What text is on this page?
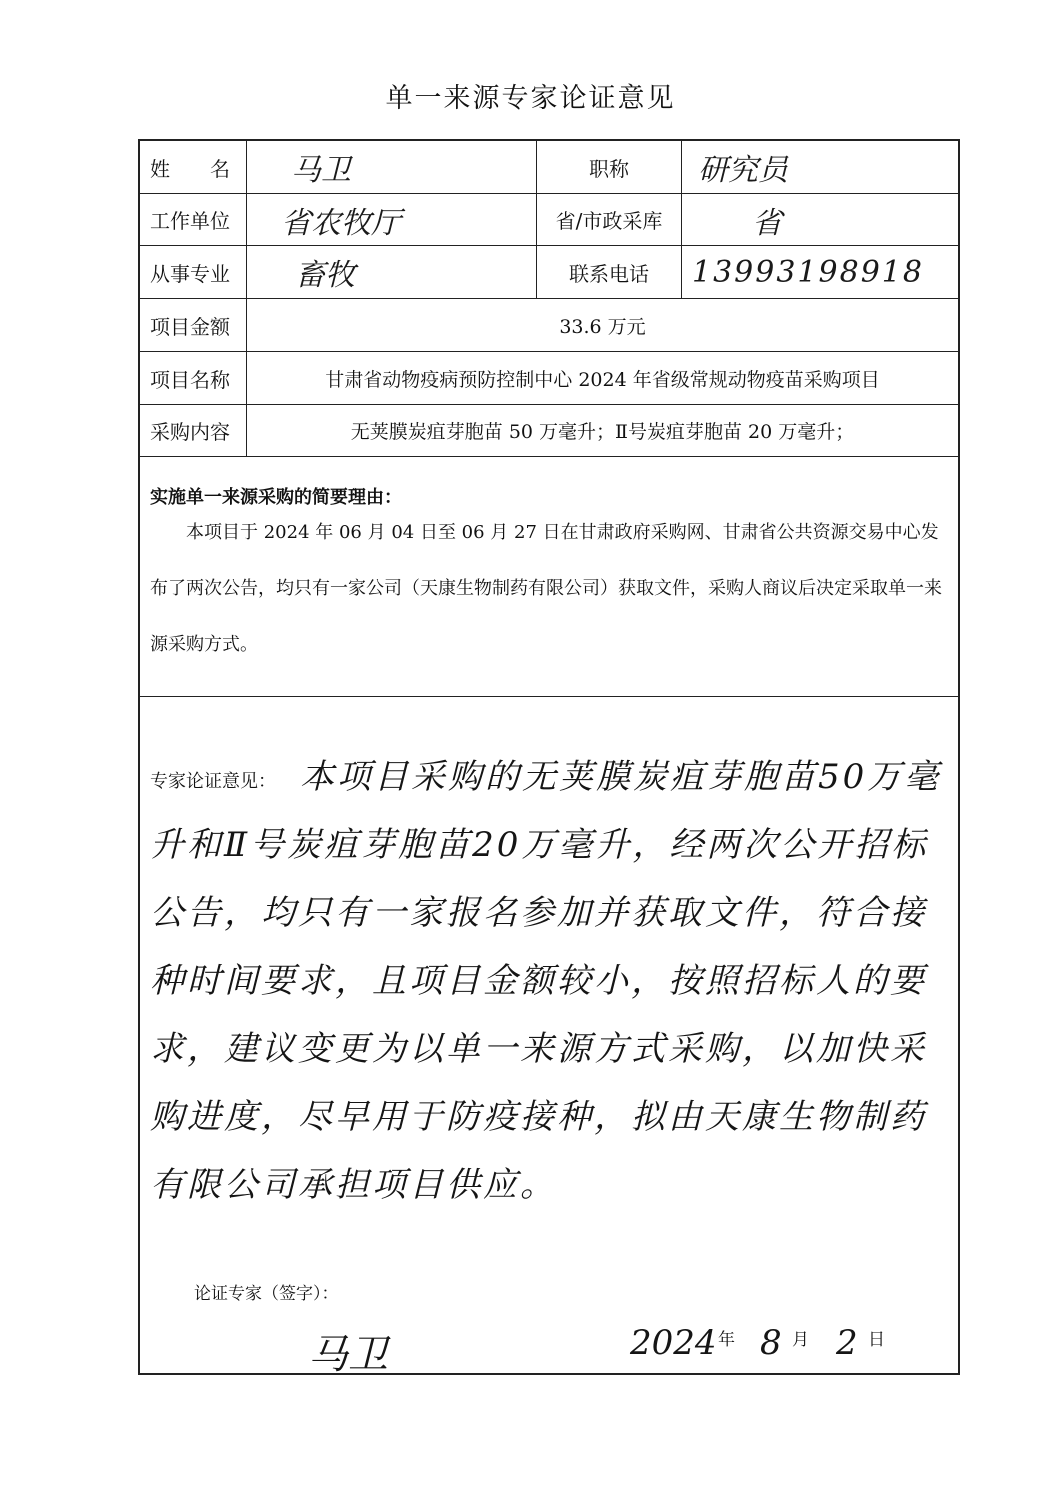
单一来源专家论证意见
姓　　名	马卫	职称	研究员
工作单位	省农牧厅	省/市政采库	省
从事专业	畜牧	联系电话	13993198918
项目金额	33.6 万元
项目名称	甘肃省动物疫病预防控制中心 2024 年省级常规动物疫苗采购项目
采购内容	无荚膜炭疽芽胞苗 50 万毫升；Ⅱ号炭疽芽胞苗 20 万毫升；
实施单一来源采购的简要理由：
本项目于 2024 年 06 月 04 日至 06 月 27 日在甘肃政府采购网、甘肃省公共资源交易中心发布了两次公告，均只有一家公司（天康生物制药有限公司）获取文件，采购人商议后决定采取单一来源采购方式。
专家论证意见： 本项目采购的无荚膜炭疽芽胞苗50万毫升和Ⅱ号炭疽芽胞苗20万毫升，经两次公开招标公告，均只有一家报名参加并获取文件，符合接种时间要求，且项目金额较小，按照招标人的要求，建议变更为以单一来源方式采购，以加快采购进度，尽早用于防疫接种，拟由天康生物制药有限公司承担项目供应。
论证专家（签字）：
马卫	2024 年 8 月 2 日
